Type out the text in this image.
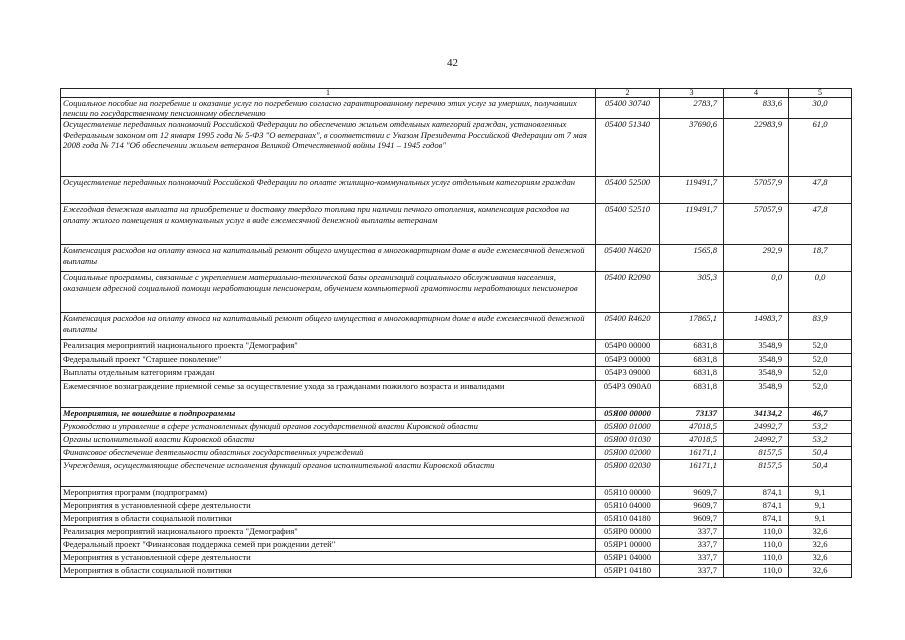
42
1	2	3	4	5
Социальное пособие на погребение и оказание услуг по погребению согласно гарантированному перечню этих услуг за умерших, получавших пенсии по государственному пенсионному обеспечению	05400 30740	2783,7	833,6	30,0
Осуществление переданных полномочий Российской Федерации по обеспечению жильем отдельных категорий граждан, установленных Федеральным законом от 12 января 1995 года № 5-ФЗ "О ветеранах", в соответствии с Указом Президента Российской Федерации от 7 мая 2008 года № 714 "Об обеспечении жильем ветеранов Великой Отечественной войны 1941 – 1945 годов"	05400 51340	37690,6	22983,9	61,0
Осуществление переданных полномочий Российской Федерации по оплате жилищно-коммунальных услуг отдельным категориям граждан	05400 52500	119491,7	57057,9	47,8
Ежегодная денежная выплата на приобретение и доставку твердого топлива при наличии печного отопления, компенсация расходов на оплату жилого помещения и коммунальных услуг в виде ежемесячной денежной выплаты ветеранам	05400 52510	119491,7	57057,9	47,8
Компенсация расходов на оплату взноса на капитальный ремонт общего имущества в многоквартирном доме в виде ежемесячной денежной выплаты	05400 N4620	1565,8	292,9	18,7
Социальные программы, связанные с укреплением материально-технической базы организаций социального обслуживания населения, оказанием адресной социальной помощи неработающим пенсионерам, обучением компьютерной грамотности неработающих пенсионеров	05400 R2090	305,3	0,0	0,0
Компенсация расходов на оплату взноса на капитальный ремонт общего имущества в многоквартирном доме в виде ежемесячной денежной выплаты	05400 R4620	17865,1	14983,7	83,9
Реализация мероприятий национального проекта "Демография"	054P0 00000	6831,8	3548,9	52,0
Федеральный проект "Старшее поколение"	054P3 00000	6831,8	3548,9	52,0
Выплаты отдельным категориям граждан	054P3 09000	6831,8	3548,9	52,0
Ежемесячное вознаграждение приемной семье за осуществление ухода за гражданами пожилого возраста и инвалидами	054P3 090A0	6831,8	3548,9	52,0
Мероприятия, не вошедшие в подпрограммы	05Я00 00000	73137	34134,2	46,7
Руководство и управление в сфере установленных функций органов государственной власти Кировской области	05Я00 01000	47018,5	24992,7	53,2
Органы исполнительной власти Кировской области	05Я00 01030	47018,5	24992,7	53,2
Финансовое обеспечение деятельности областных государственных учреждений	05Я00 02000	16171,1	8157,5	50,4
Учреждения, осуществляющие обеспечение исполнения функций органов исполнительной власти Кировской области	05Я00 02030	16171,1	8157,5	50,4
Мероприятия программ (подпрограмм)	05Я10 00000	9609,7	874,1	9,1
Мероприятия в установленной сфере деятельности	05Я10 04000	9609,7	874,1	9,1
Мероприятия в области социальной политики	05Я10 04180	9609,7	874,1	9,1
Реализация мероприятий национального проекта "Демография"	05ЯP0 00000	337,7	110,0	32,6
Федеральный проект "Финансовая поддержка семей при рождении детей"	05ЯP1 00000	337,7	110,0	32,6
Мероприятия в установленной сфере деятельности	05ЯP1 04000	337,7	110,0	32,6
Мероприятия в области социальной политики	05ЯP1 04180	337,7	110,0	32,6
